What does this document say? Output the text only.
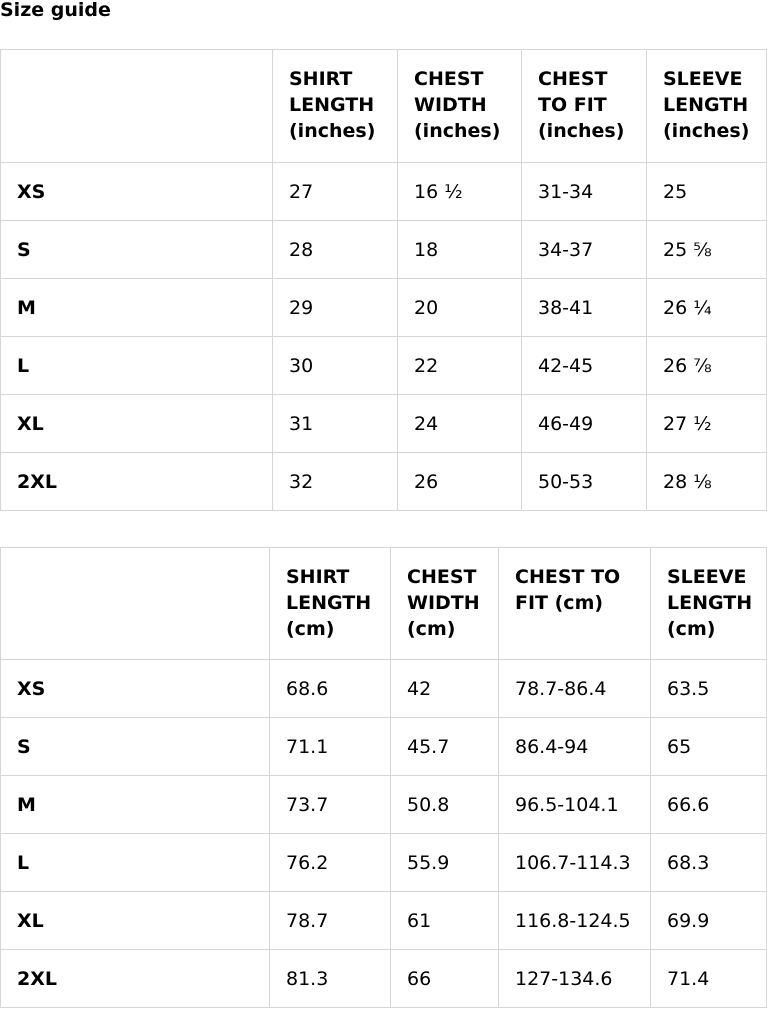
Size guide

	SHIRT
LENGTH
(inches)	CHEST
WIDTH
(inches)	CHEST
TO FIT
(inches)	SLEEVE
LENGTH
(inches)

XS	27	16 ½	31-34	25
S	28	18	34-37	25 ⅝
M	29	20	38-41	26 ¼
L	30	22	42-45	26 ⅞
XL	31	24	46-49	27 ½
2XL	32	26	50-53	28 ⅛

	SHIRT
LENGTH
(cm)	CHEST
WIDTH
(cm)	CHEST TO
FIT (cm)	SLEEVE
LENGTH
(cm)

XS	68.6	42	78.7-86.4	63.5
S	71.1	45.7	86.4-94	65
M	73.7	50.8	96.5-104.1	66.6
L	76.2	55.9	106.7-114.3	68.3
XL	78.7	61	116.8-124.5	69.9
2XL	81.3	66	127-134.6	71.4
